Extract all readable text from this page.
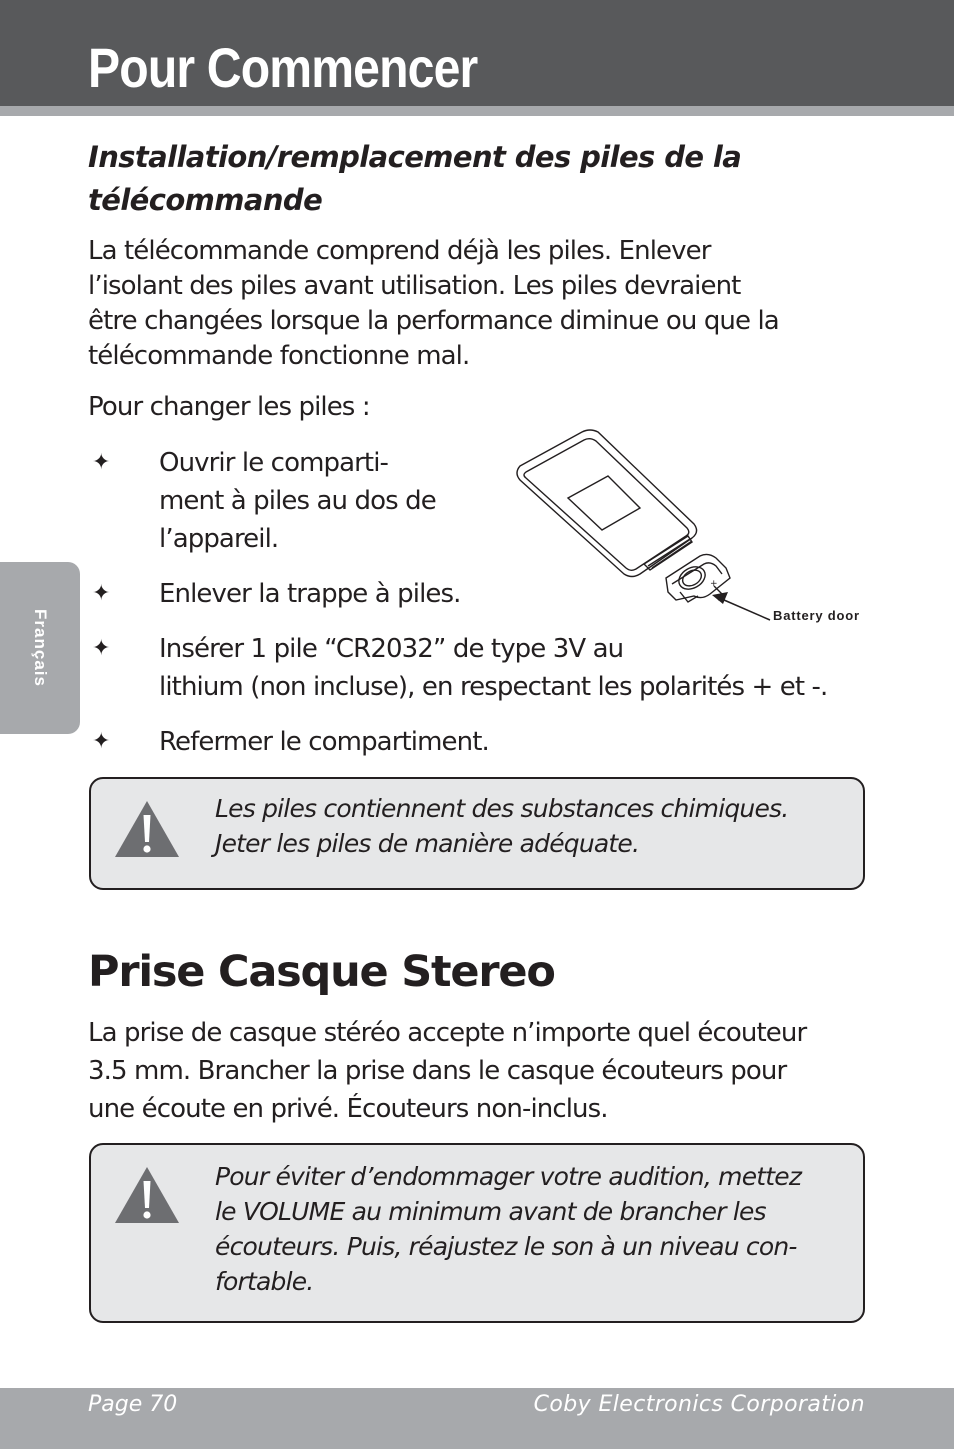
Pour Commencer
Français
Installation/remplacement des piles de la
télécommande

La télécommande comprend déjà les piles. Enlever
l’isolant des piles avant utilisation. Les piles devraient
être changées lorsque la performance diminue ou que la
télécommande fonctionne mal.

Pour changer les piles :

✦ Ouvrir le comparti-
ment à piles au dos de
l’appareil.
✦ Enlever la trappe à piles.
✦ Insérer 1 pile “CR2032” de type 3V au
lithium (non incluse), en respectant les polarités + et -.
✦ Refermer le compartiment.
+
Battery door

Les piles contiennent des substances chimiques.
Jeter les piles de manière adéquate.

Prise Casque Stereo

La prise de casque stéréo accepte n’importe quel écouteur
3.5 mm. Brancher la prise dans le casque écouteurs pour
une écoute en privé. Écouteurs non-inclus.

Pour éviter d’endommager votre audition, mettez
le VOLUME au minimum avant de brancher les
écouteurs. Puis, réajustez le son à un niveau con-
fortable.

Page 70	Coby Electronics Corporation
